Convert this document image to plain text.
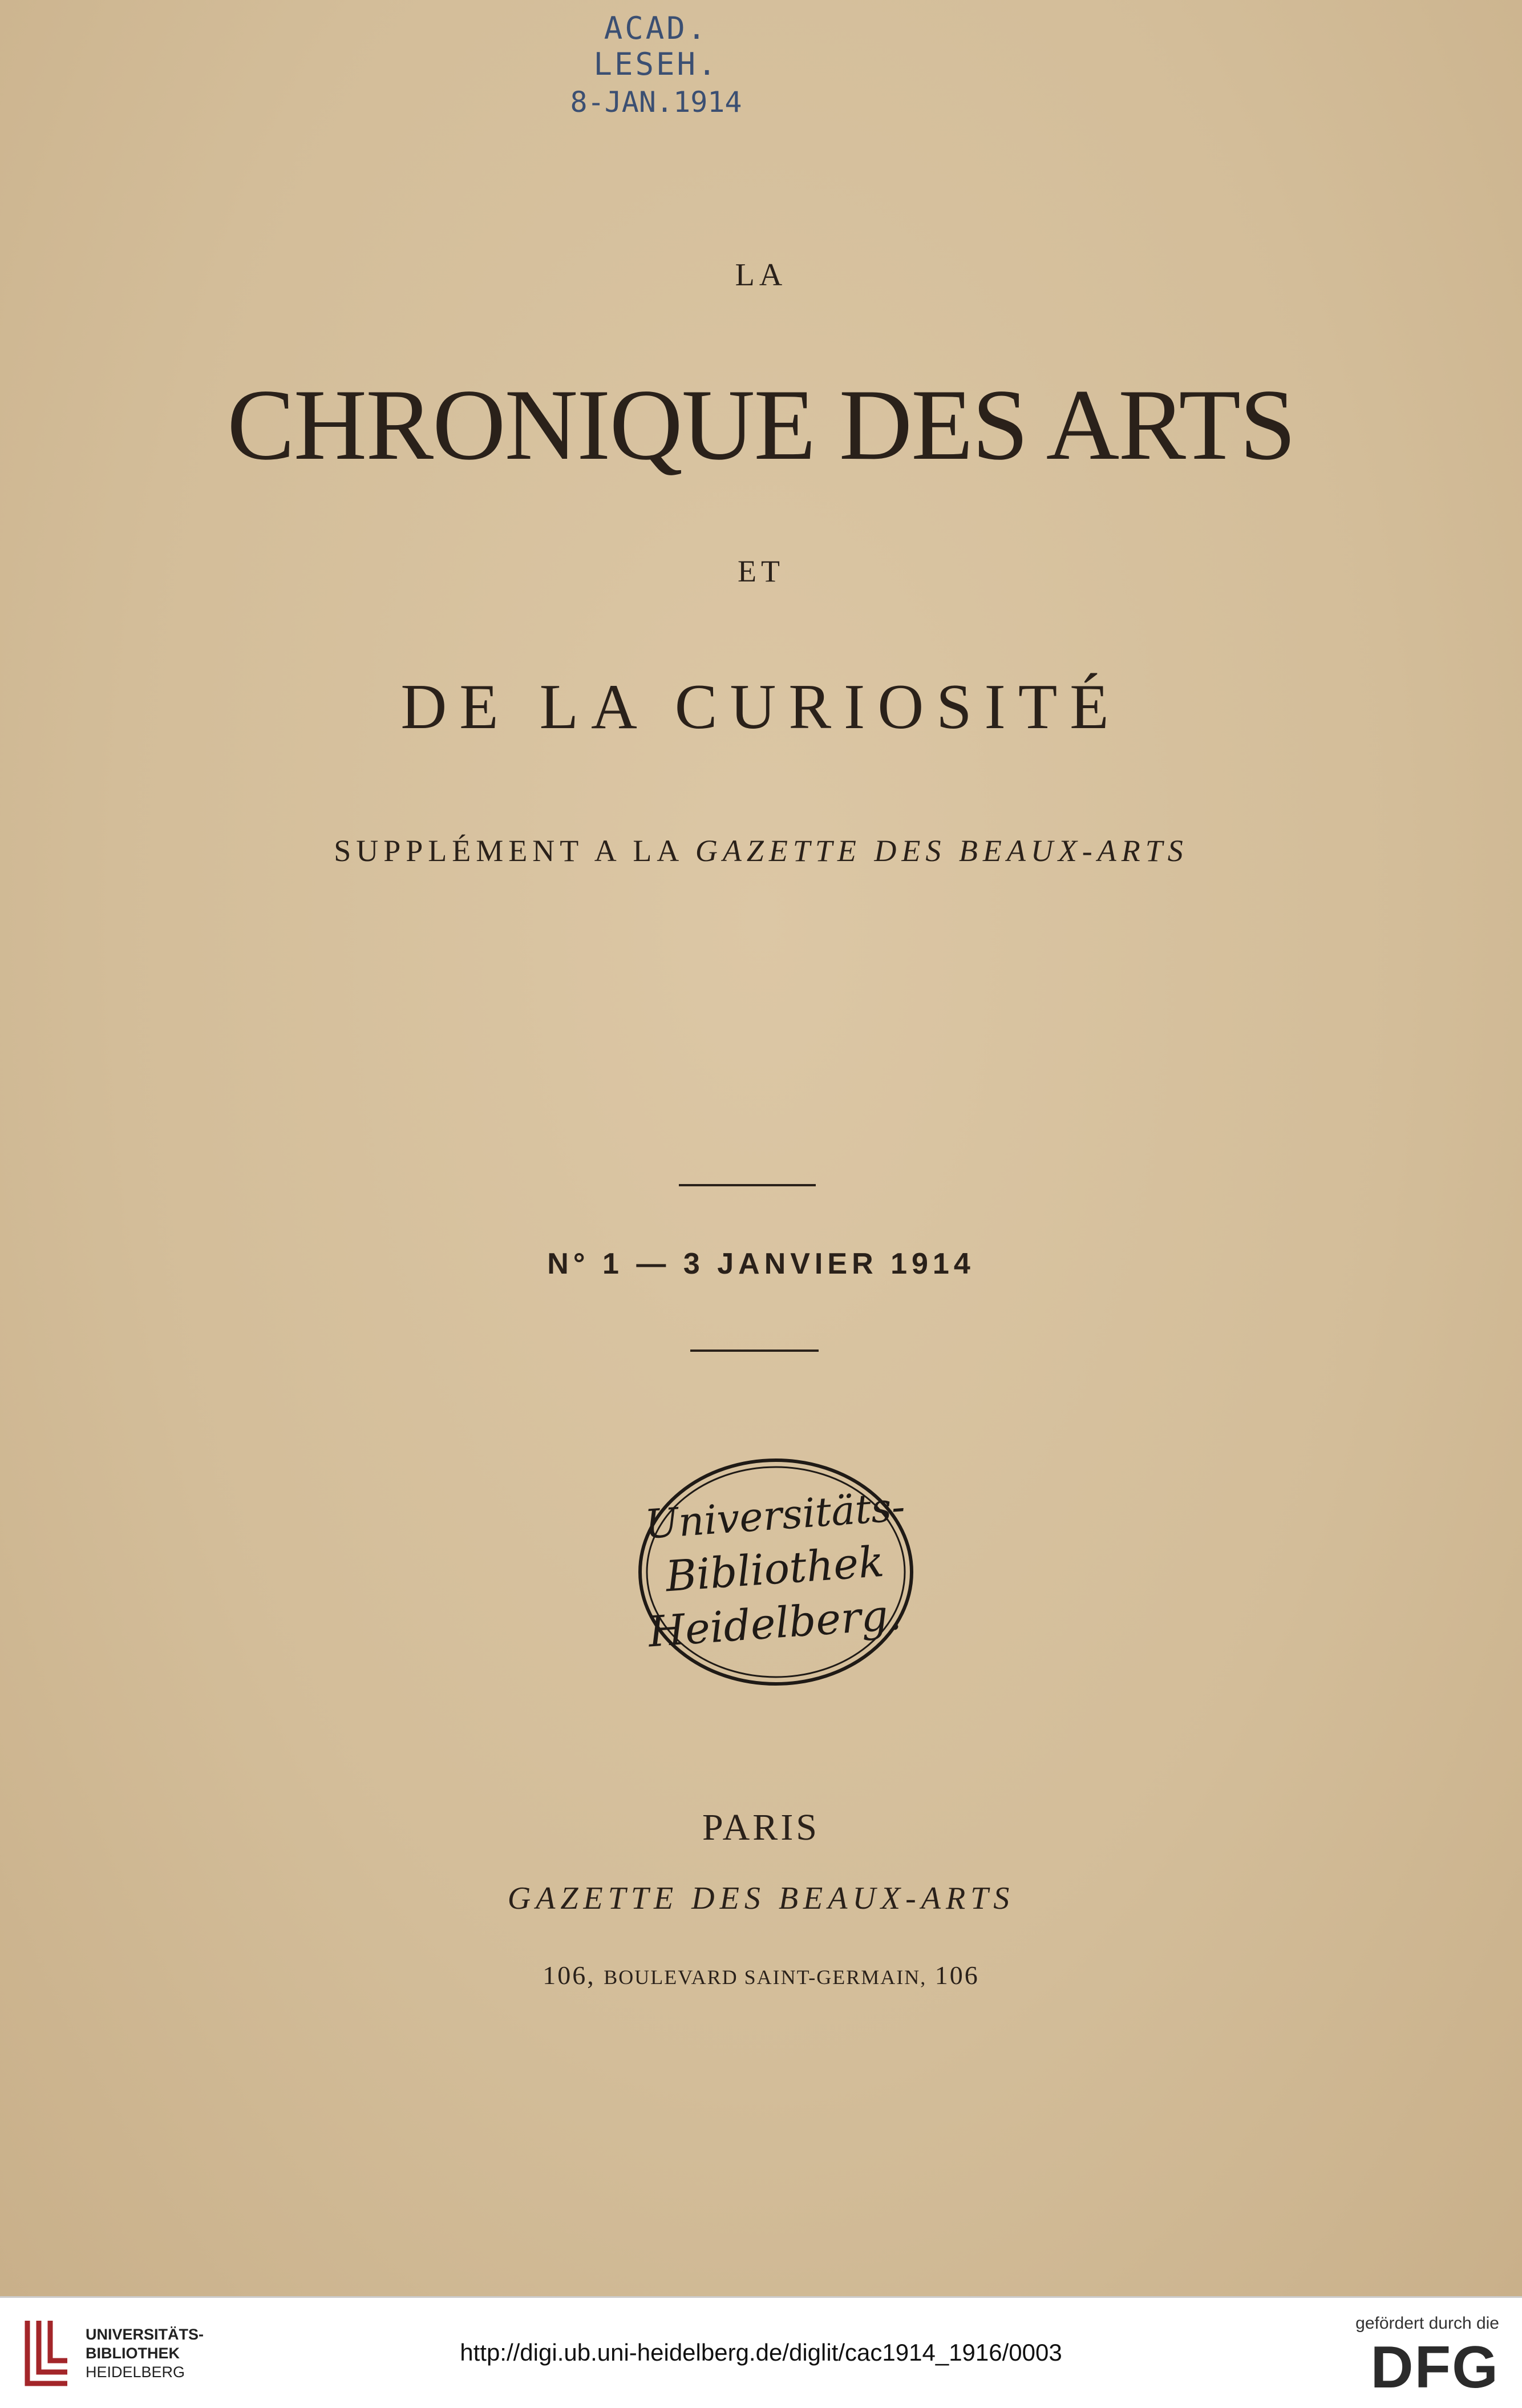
ACAD. LESEH.
8-JAN.1914
LA
CHRONIQUE DES ARTS
ET
DE LA CURIOSITÉ
SUPPLÉMENT A LA GAZETTE DES BEAUX-ARTS
N° 1 — 3 JANVIER 1914
Universitäts-
Bibliothek
Heidelberg.
PARIS
GAZETTE DES BEAUX-ARTS
106, BOULEVARD SAINT-GERMAIN, 106
UNIVERSITÄTS-
BIBLIOTHEK
HEIDELBERG
http://digi.ub.uni-heidelberg.de/diglit/cac1914_1916/0003
gefördert durch die
DFG
